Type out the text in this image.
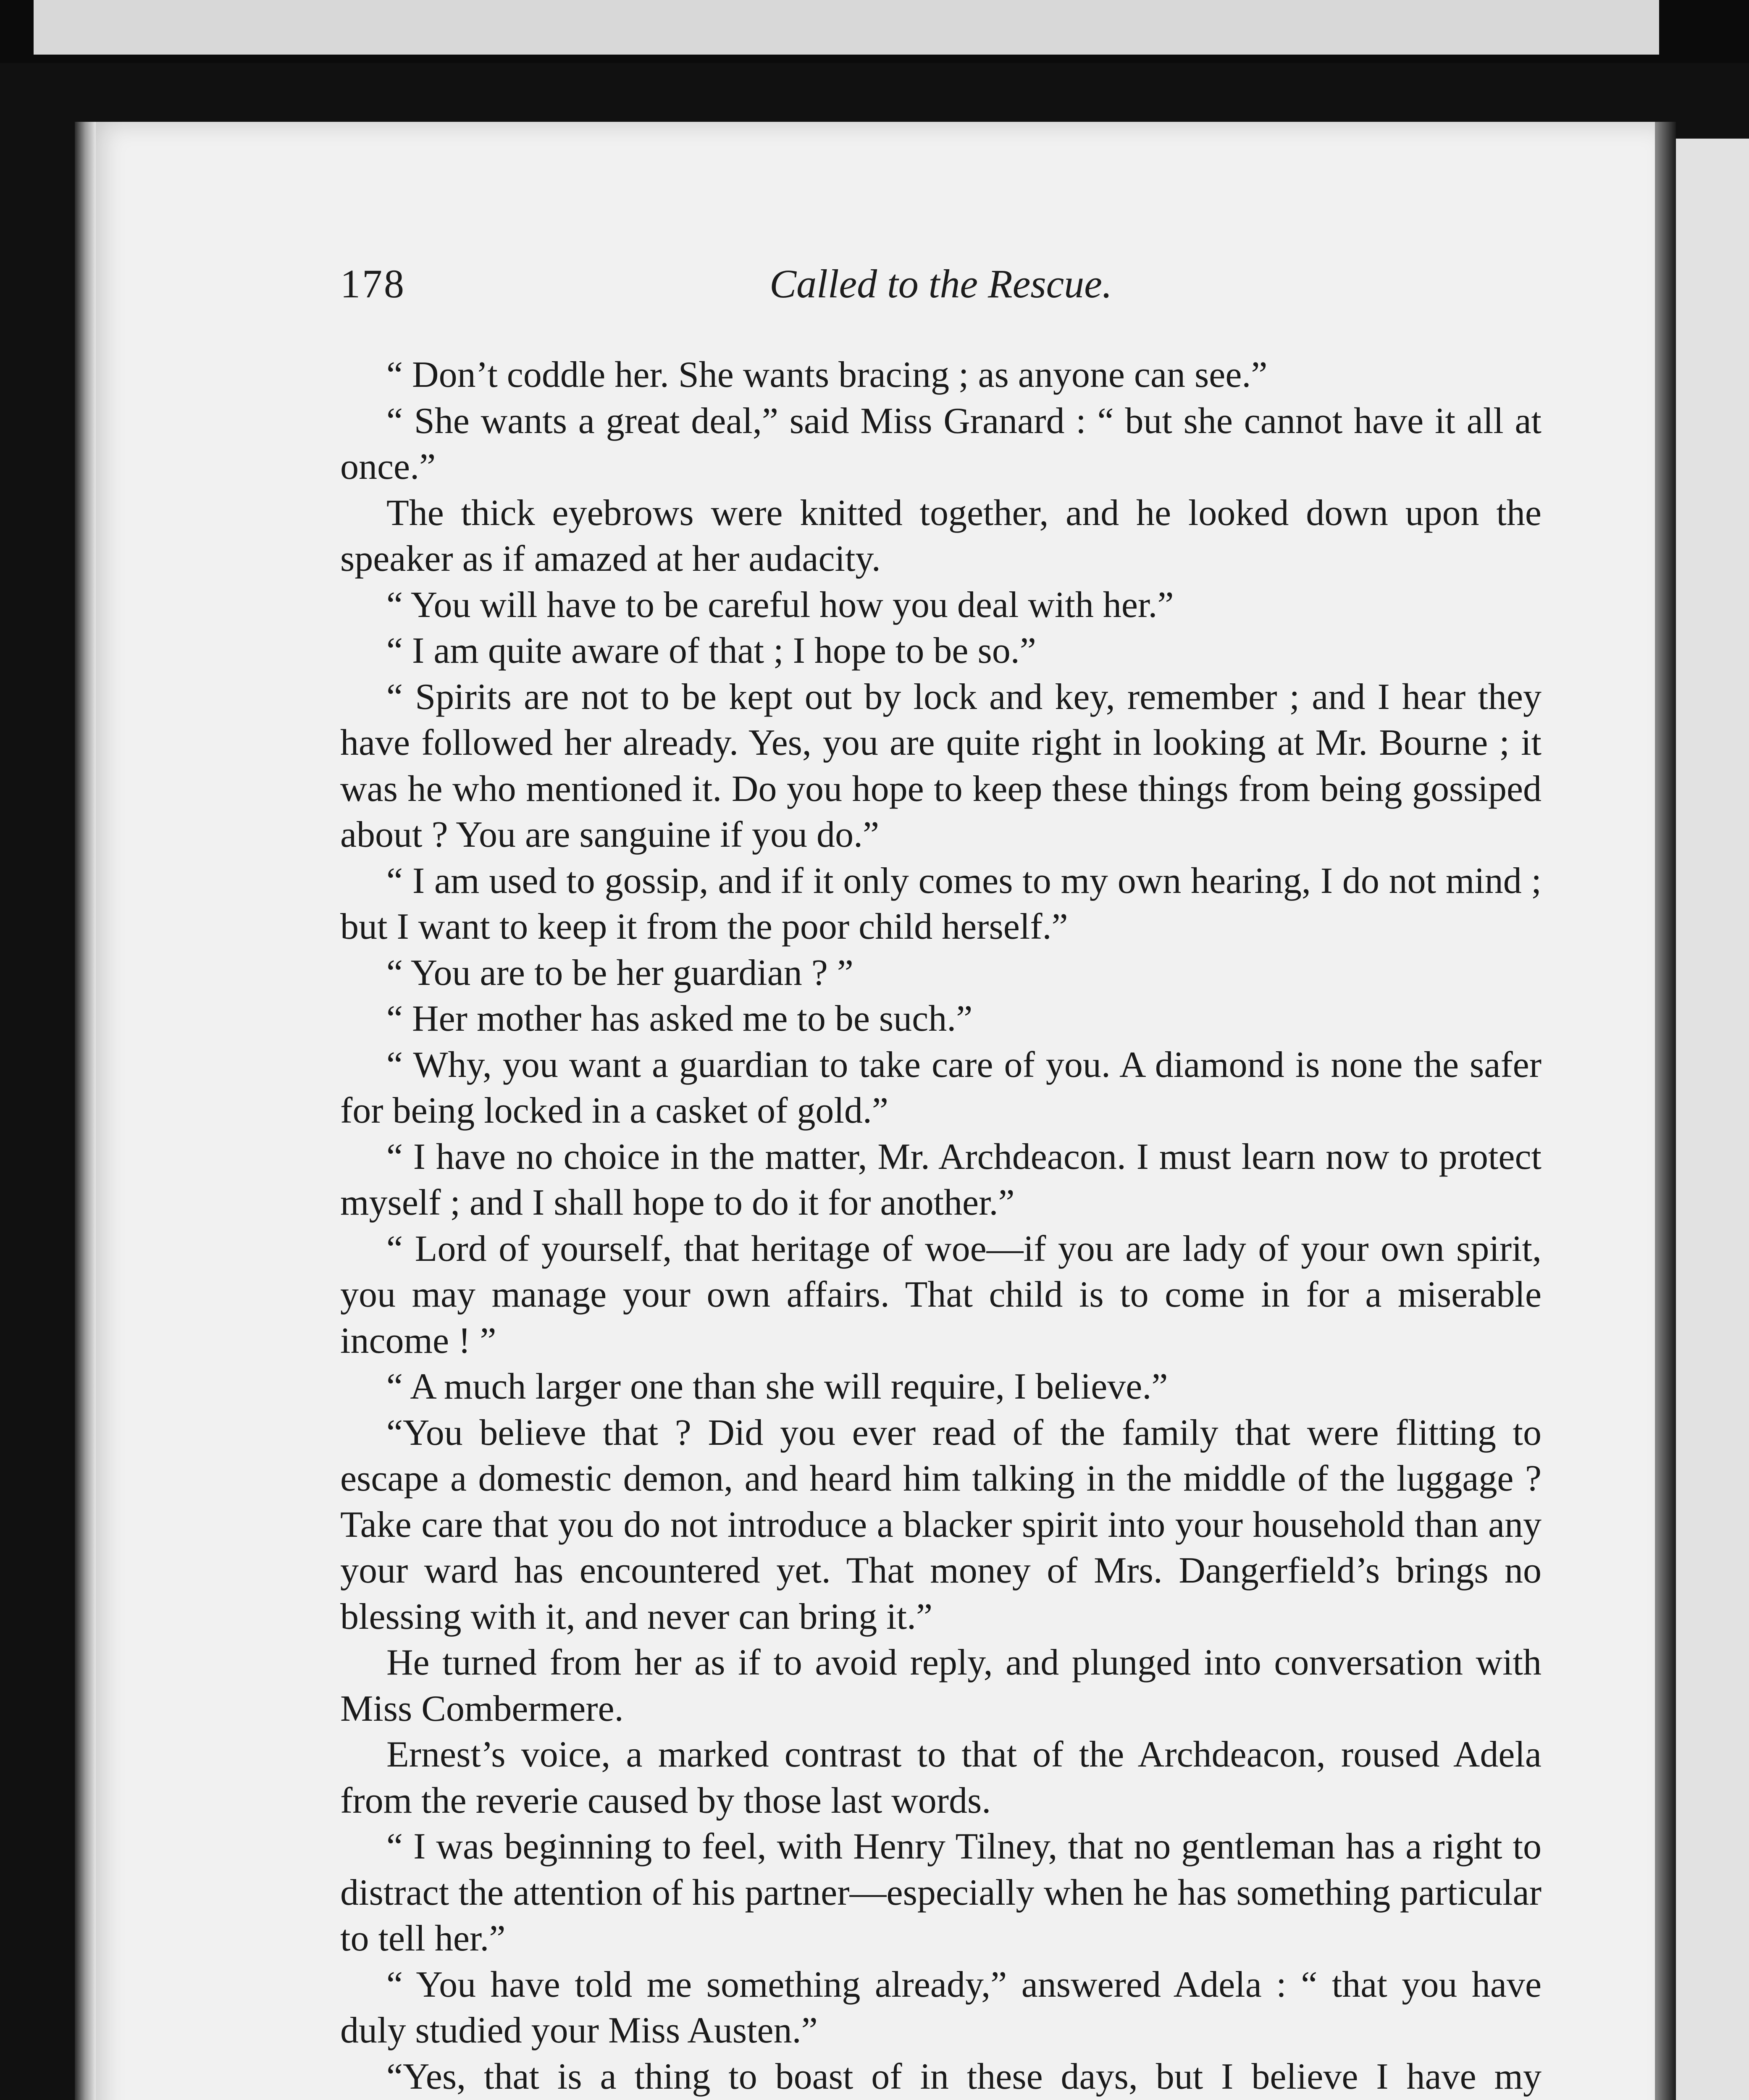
178	Called to the Rescue.

“ Don’t coddle her. She wants bracing ; as anyone can see.”

“ She wants a great deal,” said Miss Granard : “ but she cannot have it all at once.”

The thick eyebrows were knitted together, and he looked down upon the speaker as if amazed at her audacity.

“ You will have to be careful how you deal with her.”

“ I am quite aware of that ; I hope to be so.”

“ Spirits are not to be kept out by lock and key, remember ; and I hear they have followed her already. Yes, you are quite right in looking at Mr. Bourne ; it was he who mentioned it. Do you hope to keep these things from being gossiped about ? You are sanguine if you do.”

“ I am used to gossip, and if it only comes to my own hearing, I do not mind ; but I want to keep it from the poor child herself.”

“ You are to be her guardian ? ”

“ Her mother has asked me to be such.”

“ Why, you want a guardian to take care of you. A diamond is none the safer for being locked in a casket of gold.”

“ I have no choice in the matter, Mr. Archdeacon. I must learn now to protect myself ; and I shall hope to do it for another.”

“ Lord of yourself, that heritage of woe—if you are lady of your own spirit, you may manage your own affairs. That child is to come in for a miserable income ! ”

“ A much larger one than she will require, I believe.”

“You believe that ? Did you ever read of the family that were flitting to escape a domestic demon, and heard him talking in the middle of the luggage ? Take care that you do not introduce a blacker spirit into your household than any your ward has encountered yet. That money of Mrs. Dangerfield’s brings no blessing with it, and never can bring it.”

He turned from her as if to avoid reply, and plunged into conversation with Miss Combermere.

Ernest’s voice, a marked contrast to that of the Archdeacon, roused Adela from the reverie caused by those last words.

“ I was beginning to feel, with Henry Tilney, that no gentleman has a right to distract the attention of his partner—especially when he has something particular to tell her.”

“ You have told me something already,” answered Adela : “ that you have duly studied your Miss Austen.”

“Yes, that is a thing to boast of in these days, but I believe I have my
